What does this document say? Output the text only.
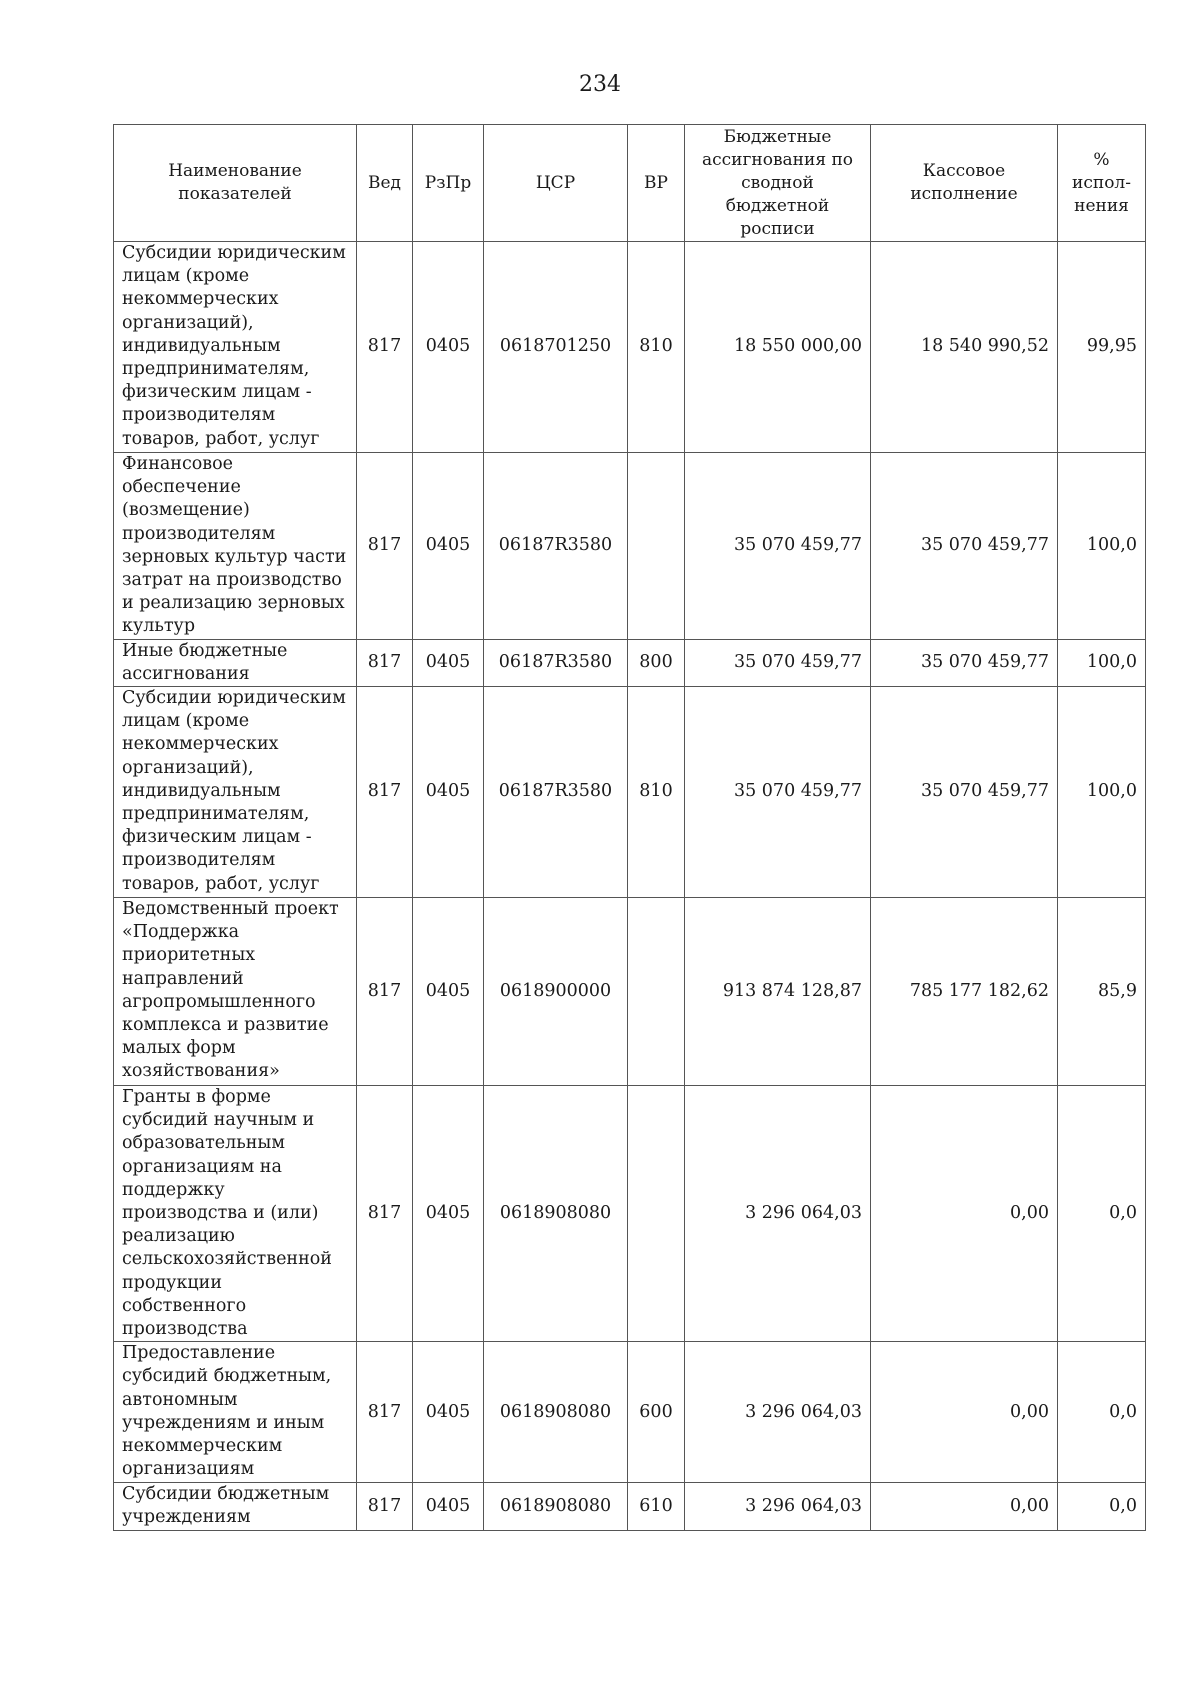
234
Наименование показателей	Вед	РзПр	ЦСР	ВР	Бюджетные ассигнования по сводной бюджетной росписи	Кассовое исполнение	% испол-нения
Субсидии юридическим лицам (кроме некоммерческих организаций), индивидуальным предпринимателям, физическим лицам - производителям товаров, работ, услуг	817	0405	0618701250	810	18 550 000,00	18 540 990,52	99,95
Финансовое обеспечение (возмещение) производителям зерновых культур части затрат на производство и реализацию зерновых культур	817	0405	06187R3580		35 070 459,77	35 070 459,77	100,0
Иные бюджетные ассигнования	817	0405	06187R3580	800	35 070 459,77	35 070 459,77	100,0
Субсидии юридическим лицам (кроме некоммерческих организаций), индивидуальным предпринимателям, физическим лицам - производителям товаров, работ, услуг	817	0405	06187R3580	810	35 070 459,77	35 070 459,77	100,0
Ведомственный проект «Поддержка приоритетных направлений агропромышленного комплекса и развитие малых форм хозяйствования»	817	0405	0618900000		913 874 128,87	785 177 182,62	85,9
Гранты в форме субсидий научным и образовательным организациям на поддержку производства и (или) реализацию сельскохозяйственной продукции собственного производства	817	0405	0618908080		3 296 064,03	0,00	0,0
Предоставление субсидий бюджетным, автономным учреждениям и иным некоммерческим организациям	817	0405	0618908080	600	3 296 064,03	0,00	0,0
Субсидии бюджетным учреждениям	817	0405	0618908080	610	3 296 064,03	0,00	0,0
